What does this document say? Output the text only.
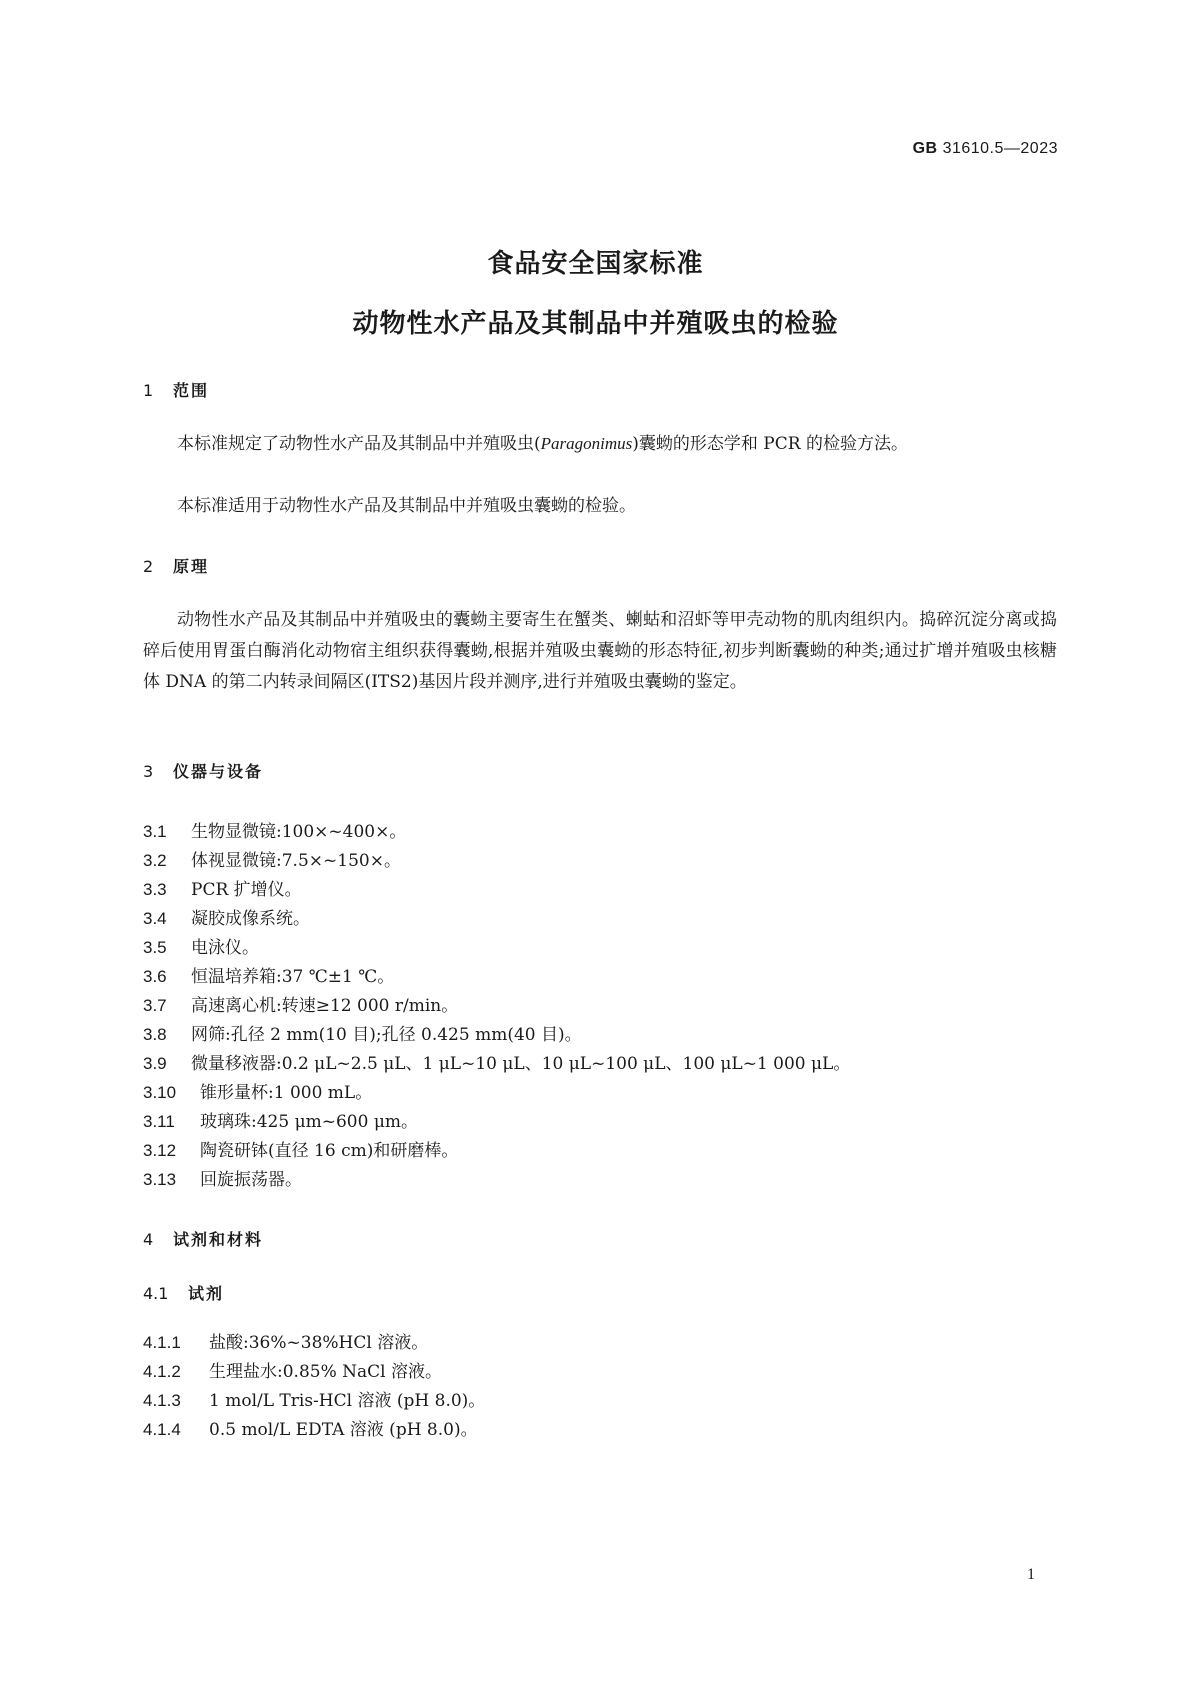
GB 31610.5—2023
食品安全国家标准
动物性水产品及其制品中并殖吸虫的检验
1 范围

本标准规定了动物性水产品及其制品中并殖吸虫(Paragonimus)囊蚴的形态学和 PCR 的检验方法。

本标准适用于动物性水产品及其制品中并殖吸虫囊蚴的检验。

2 原理

动物性水产品及其制品中并殖吸虫的囊蚴主要寄生在蟹类、蝲蛄和沼虾等甲壳动物的肌肉组织内。捣碎沉淀分离或捣碎后使用胃蛋白酶消化动物宿主组织获得囊蚴,根据并殖吸虫囊蚴的形态特征,初步判断囊蚴的种类;通过扩增并殖吸虫核糖体 DNA 的第二内转录间隔区(ITS2)基因片段并测序,进行并殖吸虫囊蚴的鉴定。

3 仪器与设备
3.1 生物显微镜:100×~400×。
3.2 体视显微镜:7.5×~150×。
3.3 PCR 扩增仪。
3.4 凝胶成像系统。
3.5 电泳仪。
3.6 恒温培养箱:37 ℃±1 ℃。
3.7 高速离心机:转速≥12 000 r/min。
3.8 网筛:孔径 2 mm(10 目);孔径 0.425 mm(40 目)。
3.9 微量移液器:0.2 μL~2.5 μL、1 μL~10 μL、10 μL~100 μL、100 μL~1 000 μL。
3.10 锥形量杯:1 000 mL。
3.11 玻璃珠:425 μm~600 μm。
3.12 陶瓷研钵(直径 16 cm)和研磨棒。
3.13 回旋振荡器。
4 试剂和材料
4.1 试剂
4.1.1 盐酸:36%~38%HCl 溶液。
4.1.2 生理盐水:0.85% NaCl 溶液。
4.1.3 1 mol/L Tris-HCl 溶液 (pH 8.0)。
4.1.4 0.5 mol/L EDTA 溶液 (pH 8.0)。
1
